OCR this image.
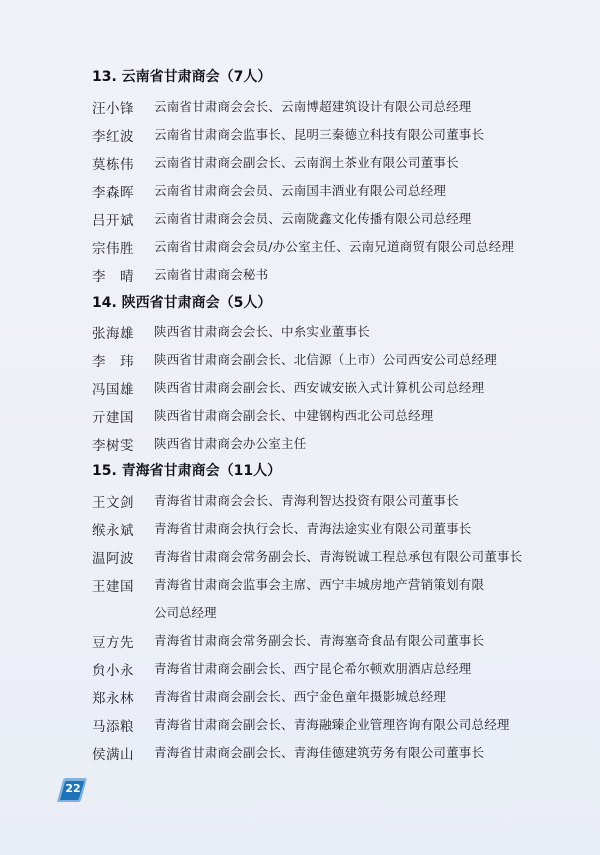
13. 云南省甘肃商会（7人）
汪小锋 云南省甘肃商会会长、云南博超建筑设计有限公司总经理
李红波 云南省甘肃商会监事长、昆明三秦德立科技有限公司董事长
莫栋伟 云南省甘肃商会副会长、云南润土茶业有限公司董事长
李森晖 云南省甘肃商会会员、云南国丰酒业有限公司总经理
吕开斌 云南省甘肃商会会员、云南陇鑫文化传播有限公司总经理
宗伟胜 云南省甘肃商会会员/办公室主任、云南兄道商贸有限公司总经理
李　晴 云南省甘肃商会秘书
14. 陕西省甘肃商会（5人）
张海雄 陕西省甘肃商会会长、中糸实业董事长
李　玮 陕西省甘肃商会副会长、北信源（上市）公司西安公司总经理
冯国雄 陕西省甘肃商会副会长、西安诚安嵌入式计算机公司总经理
亓建国 陕西省甘肃商会副会长、中建钢构西北公司总经理
李树雯 陕西省甘肃商会办公室主任
15. 青海省甘肃商会（11人）
王文剑 青海省甘肃商会会长、青海利智达投资有限公司董事长
缑永斌 青海省甘肃商会执行会长、青海法途实业有限公司董事长
温阿波 青海省甘肃商会常务副会长、青海锐诚工程总承包有限公司董事长
王建国 青海省甘肃商会监事会主席、西宁丰城房地产营销策划有限
公司总经理
豆方先 青海省甘肃商会常务副会长、青海塞奇食品有限公司董事长
贠小永 青海省甘肃商会副会长、西宁昆仑希尔顿欢朋酒店总经理
郑永林 青海省甘肃商会副会长、西宁金色童年摄影城总经理
马添粮 青海省甘肃商会副会长、青海融臻企业管理咨询有限公司总经理
侯满山 青海省甘肃商会副会长、青海佳德建筑劳务有限公司董事长
22
